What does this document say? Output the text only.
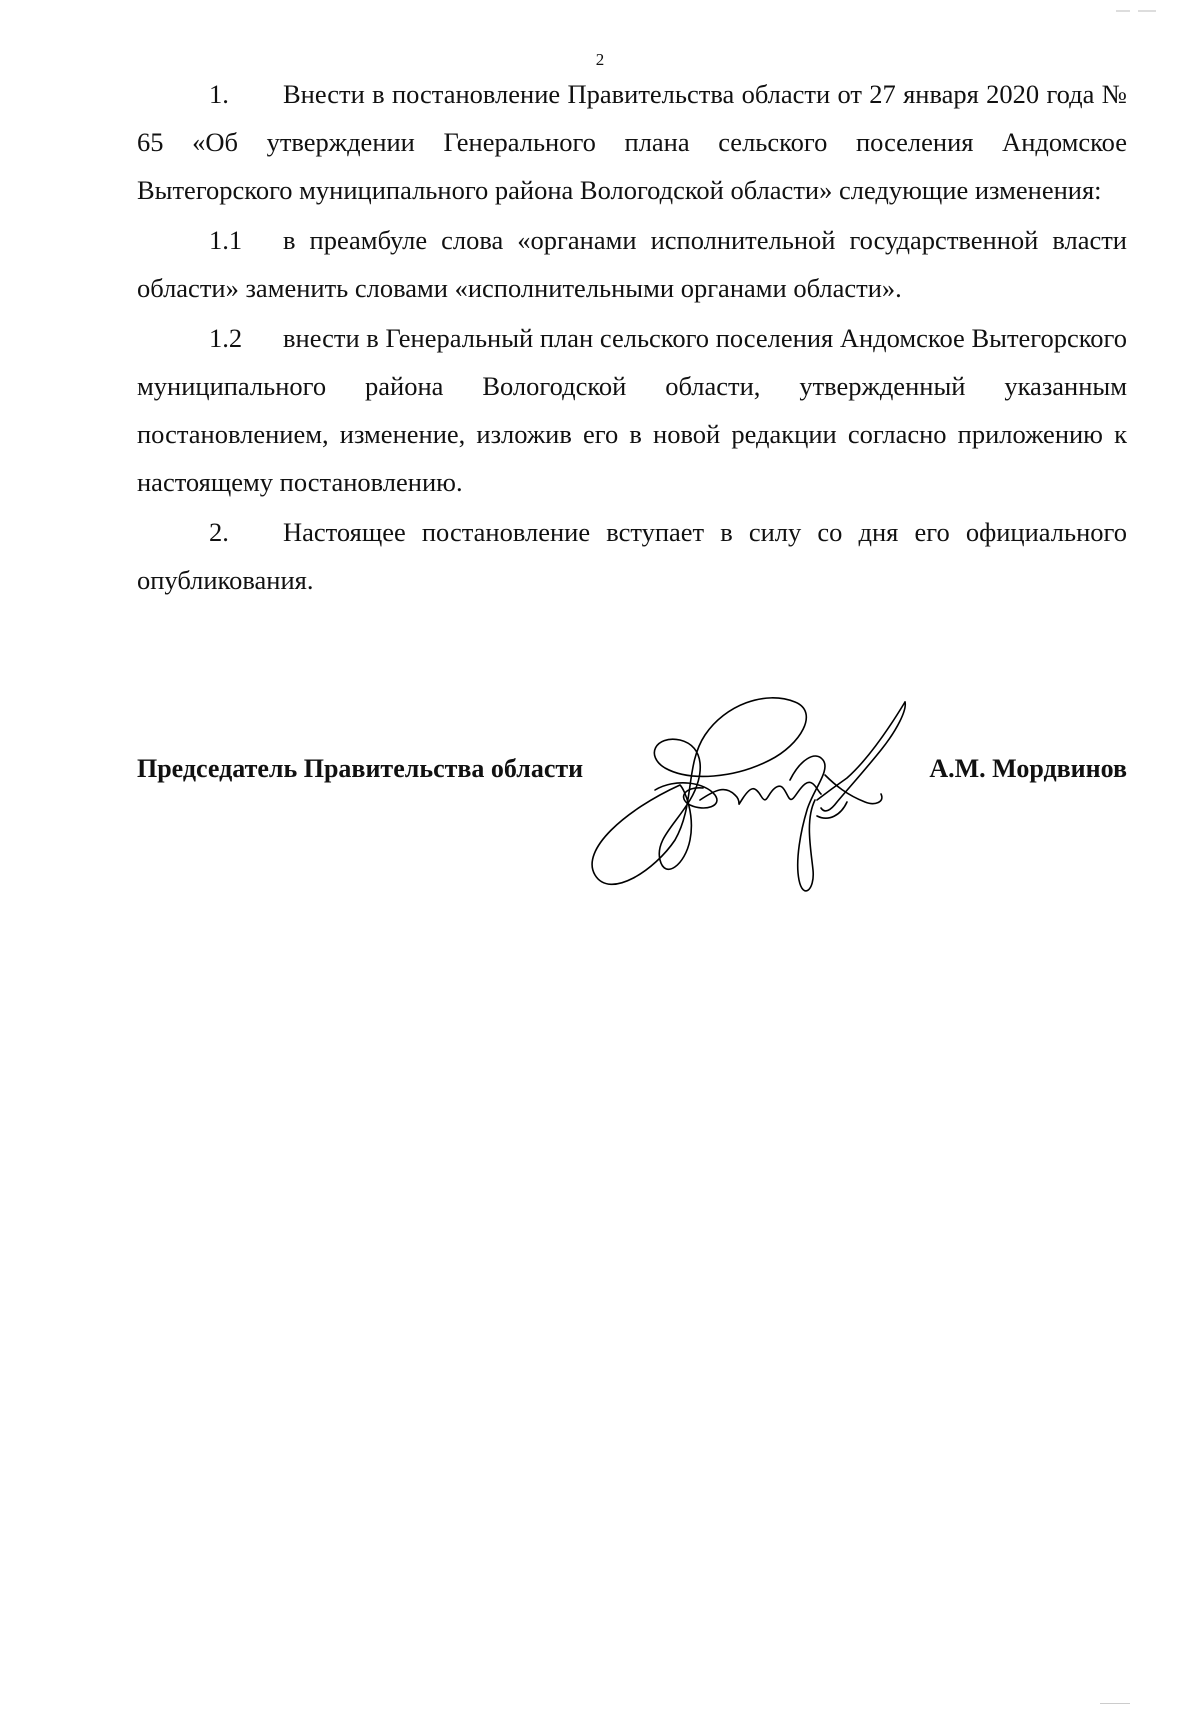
2

1. Внести в постановление Правительства области от 27 января 2020 года № 65 «Об утверждении Генерального плана сельского поселения Андомское Вытегорского муниципального района Вологодской области» следующие изменения:

1.1 в преамбуле слова «органами исполнительной государственной власти области» заменить словами «исполнительными органами области».

1.2 внести в Генеральный план сельского поселения Андомское Вытегорского муниципального района Вологодской области, утвержденный указанным постановлением, изменение, изложив его в новой редакции согласно приложению к настоящему постановлению.

2. Настоящее постановление вступает в силу со дня его официального опубликования.

Председатель Правительства области	А.М. Мордвинов
